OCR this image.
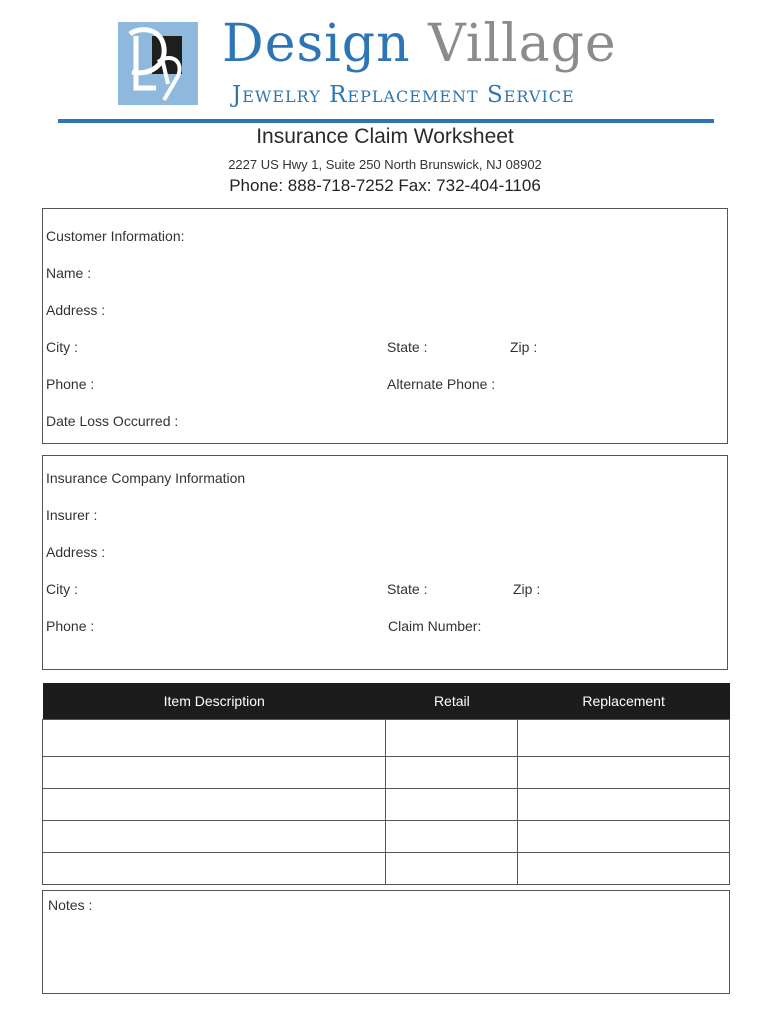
Design Village
Jewelry Replacement Service
Insurance Claim Worksheet
2227 US Hwy 1, Suite 250 North Brunswick, NJ 08902
Phone: 888-718-7252 Fax: 732-404-1106
Customer Information:
Name :
Address :
City :	State :	Zip :
Phone :	Alternate Phone :
Date Loss Occurred :
Insurance Company Information
Insurer :
Address :
City :	State :	Zip :
Phone :	Claim Number:
Item Description	Retail	Replacement

Notes :
